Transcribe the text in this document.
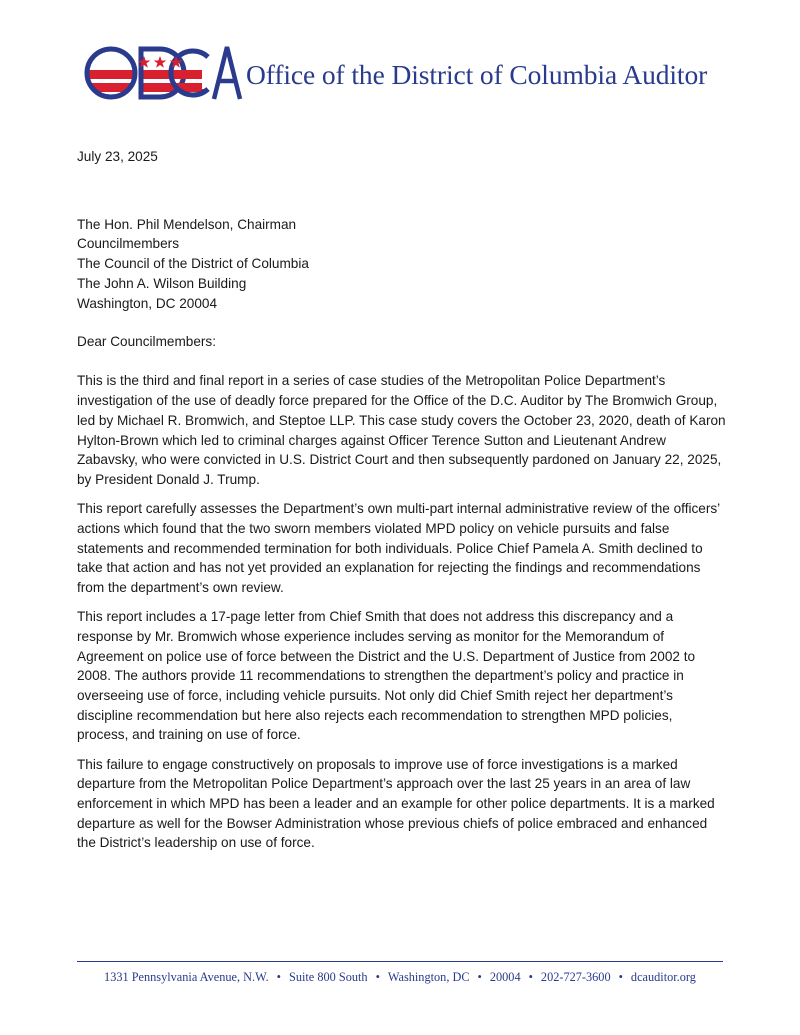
Office of the District of Columbia Auditor

July 23, 2025

The Hon. Phil Mendelson, Chairman
Councilmembers
The Council of the District of Columbia
The John A. Wilson Building
Washington, DC 20004

Dear Councilmembers:

This is the third and final report in a series of case studies of the Metropolitan Police Department’s investigation of the use of deadly force prepared for the Office of the D.C. Auditor by The Bromwich Group, led by Michael R. Bromwich, and Steptoe LLP. This case study covers the October 23, 2020, death of Karon Hylton-Brown which led to criminal charges against Officer Terence Sutton and Lieutenant Andrew Zabavsky, who were convicted in U.S. District Court and then subsequently pardoned on January 22, 2025, by President Donald J. Trump.

This report carefully assesses the Department’s own multi-part internal administrative review of the officers’ actions which found that the two sworn members violated MPD policy on vehicle pursuits and false statements and recommended termination for both individuals. Police Chief Pamela A. Smith declined to take that action and has not yet provided an explanation for rejecting the findings and recommendations from the department’s own review.

This report includes a 17-page letter from Chief Smith that does not address this discrepancy and a response by Mr. Bromwich whose experience includes serving as monitor for the Memorandum of Agreement on police use of force between the District and the U.S. Department of Justice from 2002 to 2008. The authors provide 11 recommendations to strengthen the department’s policy and practice in overseeing use of force, including vehicle pursuits. Not only did Chief Smith reject her department’s discipline recommendation but here also rejects each recommendation to strengthen MPD policies, process, and training on use of force.

This failure to engage constructively on proposals to improve use of force investigations is a marked departure from the Metropolitan Police Department’s approach over the last 25 years in an area of law enforcement in which MPD has been a leader and an example for other police departments. It is a marked departure as well for the Bowser Administration whose previous chiefs of police embraced and enhanced the District’s leadership on use of force.

1331 Pennsylvania Avenue, N.W. • Suite 800 South • Washington, DC • 20004 • 202-727-3600 • dcauditor.org
